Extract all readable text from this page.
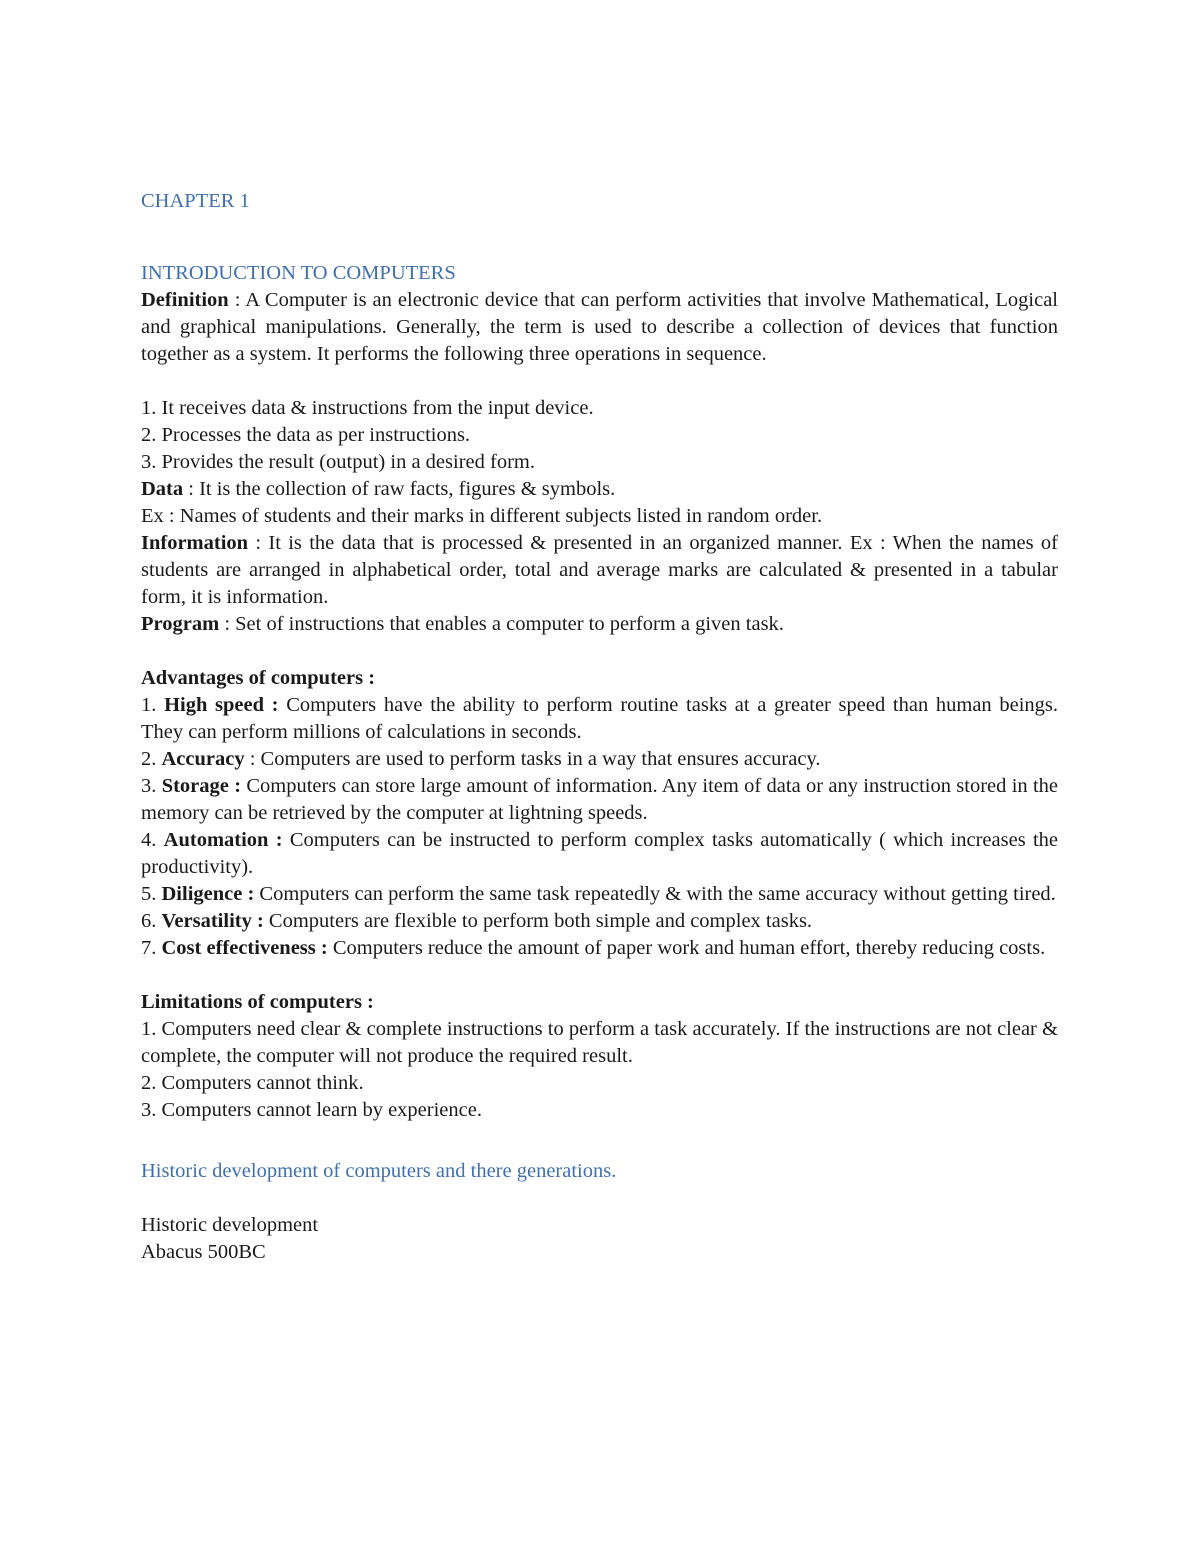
CHAPTER 1

INTRODUCTION TO COMPUTERS

Definition : A Computer is an electronic device that can perform activities that involve Mathematical, Logical and graphical manipulations. Generally, the term is used to describe a collection of devices that function together as a system. It performs the following three operations in sequence.

1. It receives data & instructions from the input device.

2. Processes the data as per instructions.

3. Provides the result (output) in a desired form.

Data : It is the collection of raw facts, figures & symbols.

Ex : Names of students and their marks in different subjects listed in random order.

Information : It is the data that is processed & presented in an organized manner. Ex : When the names of students are arranged in alphabetical order, total and average marks are calculated & presented in a tabular form, it is information.

Program : Set of instructions that enables a computer to perform a given task.

Advantages of computers :

1. High speed : Computers have the ability to perform routine tasks at a greater speed than human beings. They can perform millions of calculations in seconds.

2. Accuracy : Computers are used to perform tasks in a way that ensures accuracy.

3. Storage : Computers can store large amount of information. Any item of data or any instruction stored in the memory can be retrieved by the computer at lightning speeds.

4. Automation : Computers can be instructed to perform complex tasks automatically ( which increases the productivity).

5. Diligence : Computers can perform the same task repeatedly & with the same accuracy without getting tired.

6. Versatility : Computers are flexible to perform both simple and complex tasks.

7. Cost effectiveness : Computers reduce the amount of paper work and human effort, thereby reducing costs.

Limitations of computers :

1. Computers need clear & complete instructions to perform a task accurately. If the instructions are not clear & complete, the computer will not produce the required result.

2. Computers cannot think.

3. Computers cannot learn by experience.

Historic development of computers and there generations.

Historic development

Abacus 500BC
